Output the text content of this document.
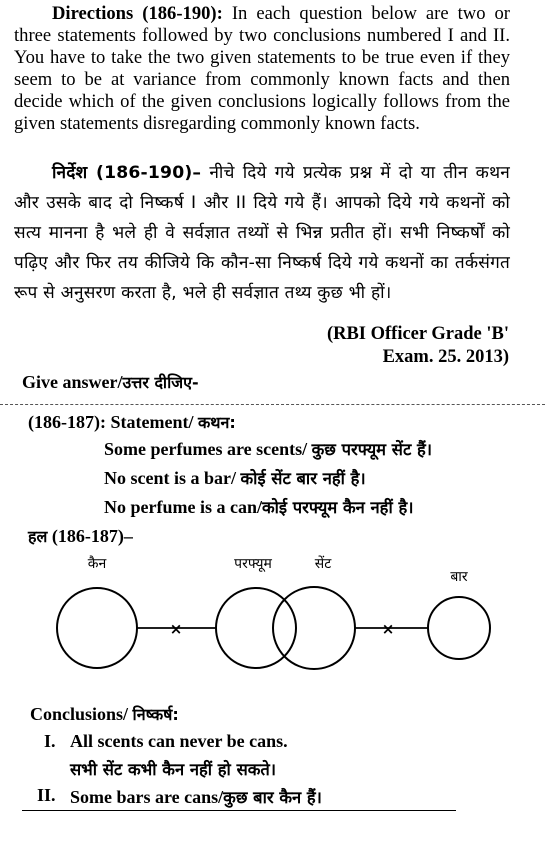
Directions (186-190): In each question below are two or three statements followed by two conclusions numbered I and II. You have to take the two given statements to be true even if they seem to be at variance from commonly known facts and then decide which of the given conclusions logically follows from the given statements disregarding commonly known facts.
निर्देश (186-190)– नीचे दिये गये प्रत्येक प्रश्न में दो या तीन कथन और उसके बाद दो निष्कर्ष I और II दिये गये हैं। आपको दिये गये कथनों को सत्य मानना है भले ही वे सर्वज्ञात तथ्यों से भिन्न प्रतीत हों। सभी निष्कर्षों को पढ़िए और फिर तय कीजिये कि कौन-सा निष्कर्ष दिये गये कथनों का तर्कसंगत रूप से अनुसरण करता है, भले ही सर्वज्ञात तथ्य कुछ भी हों।
(RBI Officer Grade 'B'
Exam. 25. 2013)
Give answer/उत्तर दीजिए-
(186-187): Statement/ कथन:
Some perfumes are scents/ कुछ परफ्यूम सेंट हैं।
No scent is a bar/ कोई सेंट बार नहीं है।
No perfume is a can/कोई परफ्यूम कैन नहीं है।
हल (186-187)–
कैन	परफ्यूम	सेंट
बार
×	×
Conclusions/ निष्कर्ष:
I. All scents can never be cans.
सभी सेंट कभी कैन नहीं हो सकते।
II. Some bars are cans/कुछ बार कैन हैं।
